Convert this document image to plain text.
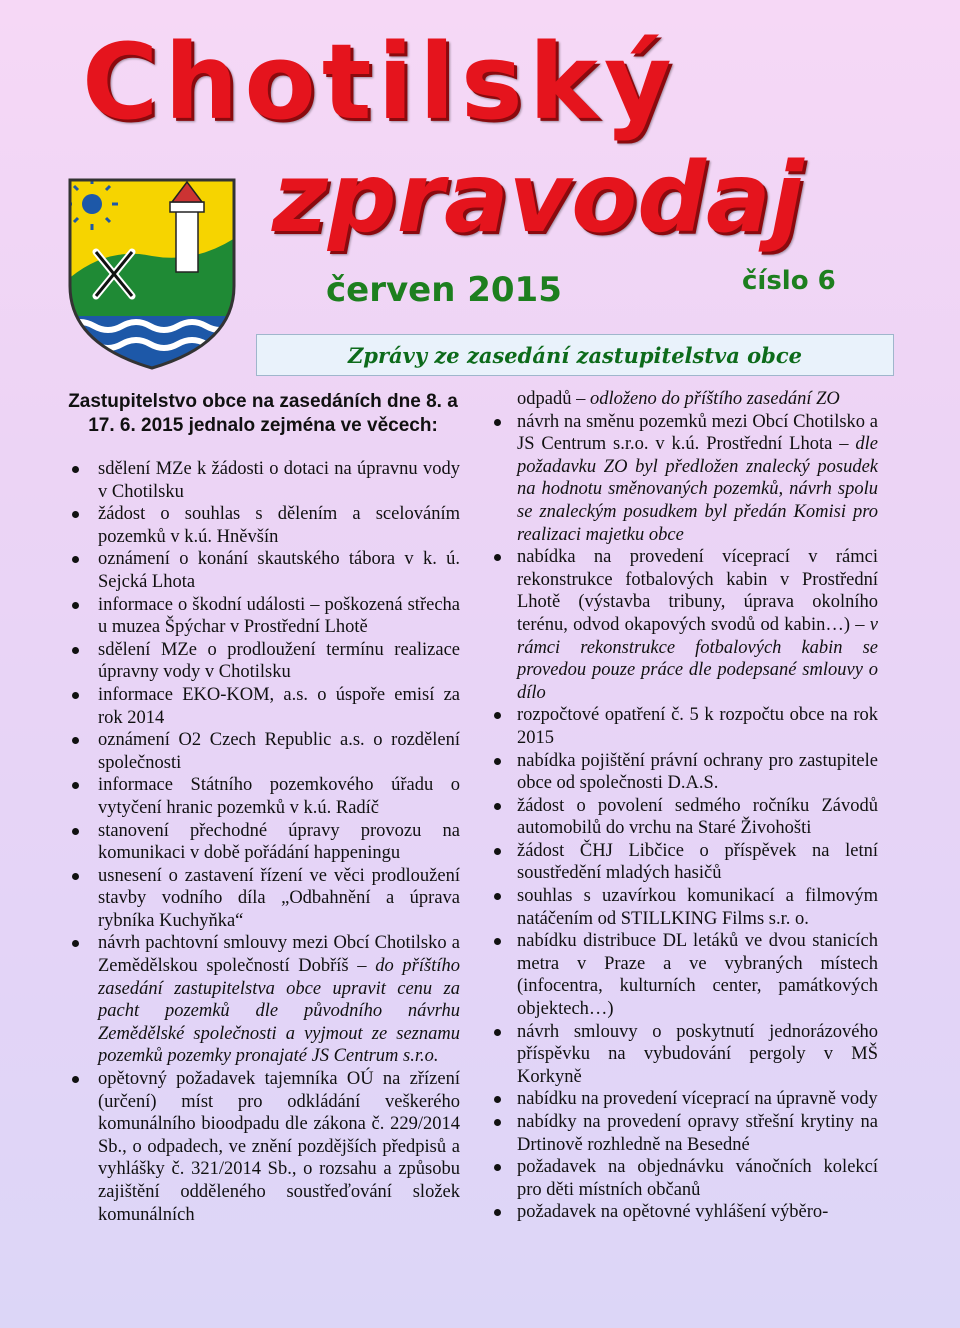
Chotilský
zpravodaj
červen 2015	číslo 6
Zprávy ze zasedání zastupitelstva obce

Zastupitelstvo obce na zasedáních dne 8. a 17. 6. 2015 jednalo zejména ve věcech:

sdělení MZe k žádosti o dotaci na úpravnu vody v Chotilsku
žádost o souhlas s dělením a scelováním pozemků v k.ú. Hněvšín
oznámení o konání skautského tábora v k. ú. Sejcká Lhota
informace o škodní události – poškozená střecha u muzea Špýchar v Prostřední Lhotě
sdělení MZe o prodloužení termínu realizace úpravny vody v Chotilsku
informace EKO-KOM, a.s. o úspoře emisí za rok 2014
oznámení O2 Czech Republic a.s. o rozdělení společnosti
informace Státního pozemkového úřadu o vytyčení hranic pozemků v k.ú. Radíč
stanovení přechodné úpravy provozu na komunikaci v době pořádání happeningu
usnesení o zastavení řízení ve věci prodloužení stavby vodního díla „Odbahnění a úprava rybníka Kuchyňka“
návrh pachtovní smlouvy mezi Obcí Chotilsko a Zemědělskou společností Dobříš – do příštího zasedání zastupitelstva obce upravit cenu za pacht pozemků dle původního návrhu Zemědělské společnosti a vyjmout ze seznamu pozemků pozemky pronajaté JS Centrum s.r.o.
opětovný požadavek tajemníka OÚ na zřízení (určení) míst pro odkládání veškerého komunálního bioodpadu dle zákona č. 229/2014 Sb., o odpadech, ve znění pozdějších předpisů a vyhlášky č. 321/2014 Sb., o rozsahu a způsobu zajištění odděleného soustřeďování složek komunálních
odpadů – odloženo do příštího zasedání ZO
návrh na směnu pozemků mezi Obcí Chotilsko a JS Centrum s.r.o. v k.ú. Prostřední Lhota – dle požadavku ZO byl předložen znalecký posudek na hodnotu směnovaných pozemků, návrh spolu se znaleckým posudkem byl předán Komisi pro realizaci majetku obce
nabídka na provedení víceprací v rámci rekonstrukce fotbalových kabin v Prostřední Lhotě (výstavba tribuny, úprava okolního terénu, odvod okapových svodů od kabin…) – v rámci rekonstrukce fotbalových kabin se provedou pouze práce dle podepsané smlouvy o dílo
rozpočtové opatření č. 5 k rozpočtu obce na rok 2015
nabídka pojištění právní ochrany pro zastupitele obce od společnosti D.A.S.
žádost o povolení sedmého ročníku Závodů automobilů do vrchu na Staré Živohošti
žádost ČHJ Libčice o příspěvek na letní soustředění mladých hasičů
souhlas s uzavírkou komunikací a filmovým natáčením od STILLKING Films s.r. o.
nabídku distribuce DL letáků ve dvou stanicích metra v Praze a ve vybraných místech (infocentra, kulturních center, památkových objektech…)
návrh smlouvy o poskytnutí jednorázového příspěvku na vybudování pergoly v MŠ Korkyně
nabídku na provedení víceprací na úpravně vody
nabídky na provedení opravy střešní krytiny na Drtinově rozhledně na Besedné
požadavek na objednávku vánočních kolekcí pro děti místních občanů
požadavek na opětovné vyhlášení výběro-
